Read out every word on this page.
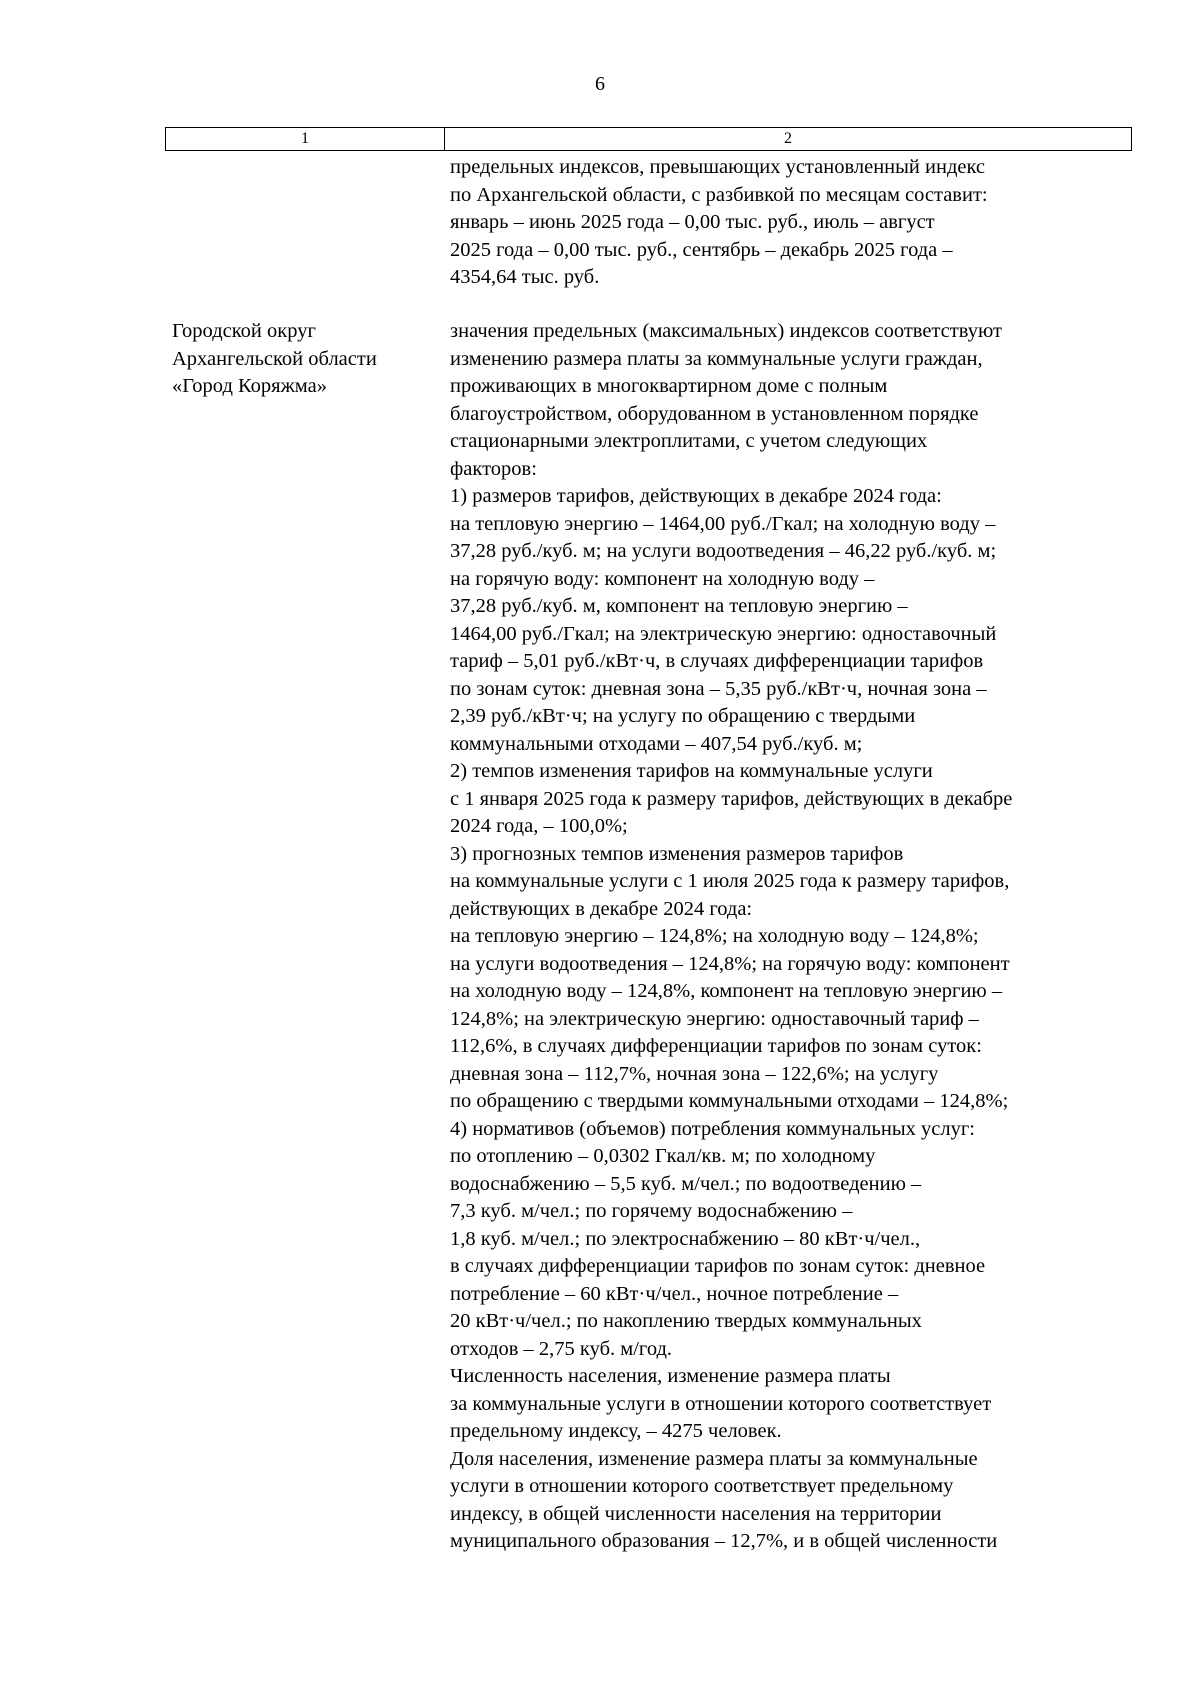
6
1	2
предельных индексов, превышающих установленный индекс
по Архангельской области, с разбивкой по месяцам составит:
январь – июнь 2025 года – 0,00 тыс. руб., июль – август
2025 года – 0,00 тыс. руб., сентябрь – декабрь 2025 года –
4354,64 тыс. руб.
Городской округ
Архангельской области
«Город Коряжма»
значения предельных (максимальных) индексов соответствуют
изменению размера платы за коммунальные услуги граждан,
проживающих в многоквартирном доме с полным
благоустройством, оборудованном в установленном порядке
стационарными электроплитами, с учетом следующих
факторов:
1) размеров тарифов, действующих в декабре 2024 года:
на тепловую энергию – 1464,00 руб./Гкал; на холодную воду –
37,28 руб./куб. м; на услуги водоотведения – 46,22 руб./куб. м;
на горячую воду: компонент на холодную воду –
37,28 руб./куб. м, компонент на тепловую энергию –
1464,00 руб./Гкал; на электрическую энергию: одноставочный
тариф – 5,01 руб./кВт·ч, в случаях дифференциации тарифов
по зонам суток: дневная зона – 5,35 руб./кВт·ч, ночная зона –
2,39 руб./кВт·ч; на услугу по обращению с твердыми
коммунальными отходами – 407,54 руб./куб. м;
2) темпов изменения тарифов на коммунальные услуги
с 1 января 2025 года к размеру тарифов, действующих в декабре
2024 года, – 100,0%;
3) прогнозных темпов изменения размеров тарифов
на коммунальные услуги с 1 июля 2025 года к размеру тарифов,
действующих в декабре 2024 года:
на тепловую энергию – 124,8%; на холодную воду – 124,8%;
на услуги водоотведения – 124,8%; на горячую воду: компонент
на холодную воду – 124,8%, компонент на тепловую энергию –
124,8%; на электрическую энергию: одноставочный тариф –
112,6%, в случаях дифференциации тарифов по зонам суток:
дневная зона – 112,7%, ночная зона – 122,6%; на услугу
по обращению с твердыми коммунальными отходами – 124,8%;
4) нормативов (объемов) потребления коммунальных услуг:
по отоплению – 0,0302 Гкал/кв. м; по холодному
водоснабжению – 5,5 куб. м/чел.; по водоотведению –
7,3 куб. м/чел.; по горячему водоснабжению –
1,8 куб. м/чел.; по электроснабжению – 80 кВт·ч/чел.,
в случаях дифференциации тарифов по зонам суток: дневное
потребление – 60 кВт·ч/чел., ночное потребление –
20 кВт·ч/чел.; по накоплению твердых коммунальных
отходов – 2,75 куб. м/год.
Численность населения, изменение размера платы
за коммунальные услуги в отношении которого соответствует
предельному индексу, – 4275 человек.
Доля населения, изменение размера платы за коммунальные
услуги в отношении которого соответствует предельному
индексу, в общей численности населения на территории
муниципального образования – 12,7%, и в общей численности
